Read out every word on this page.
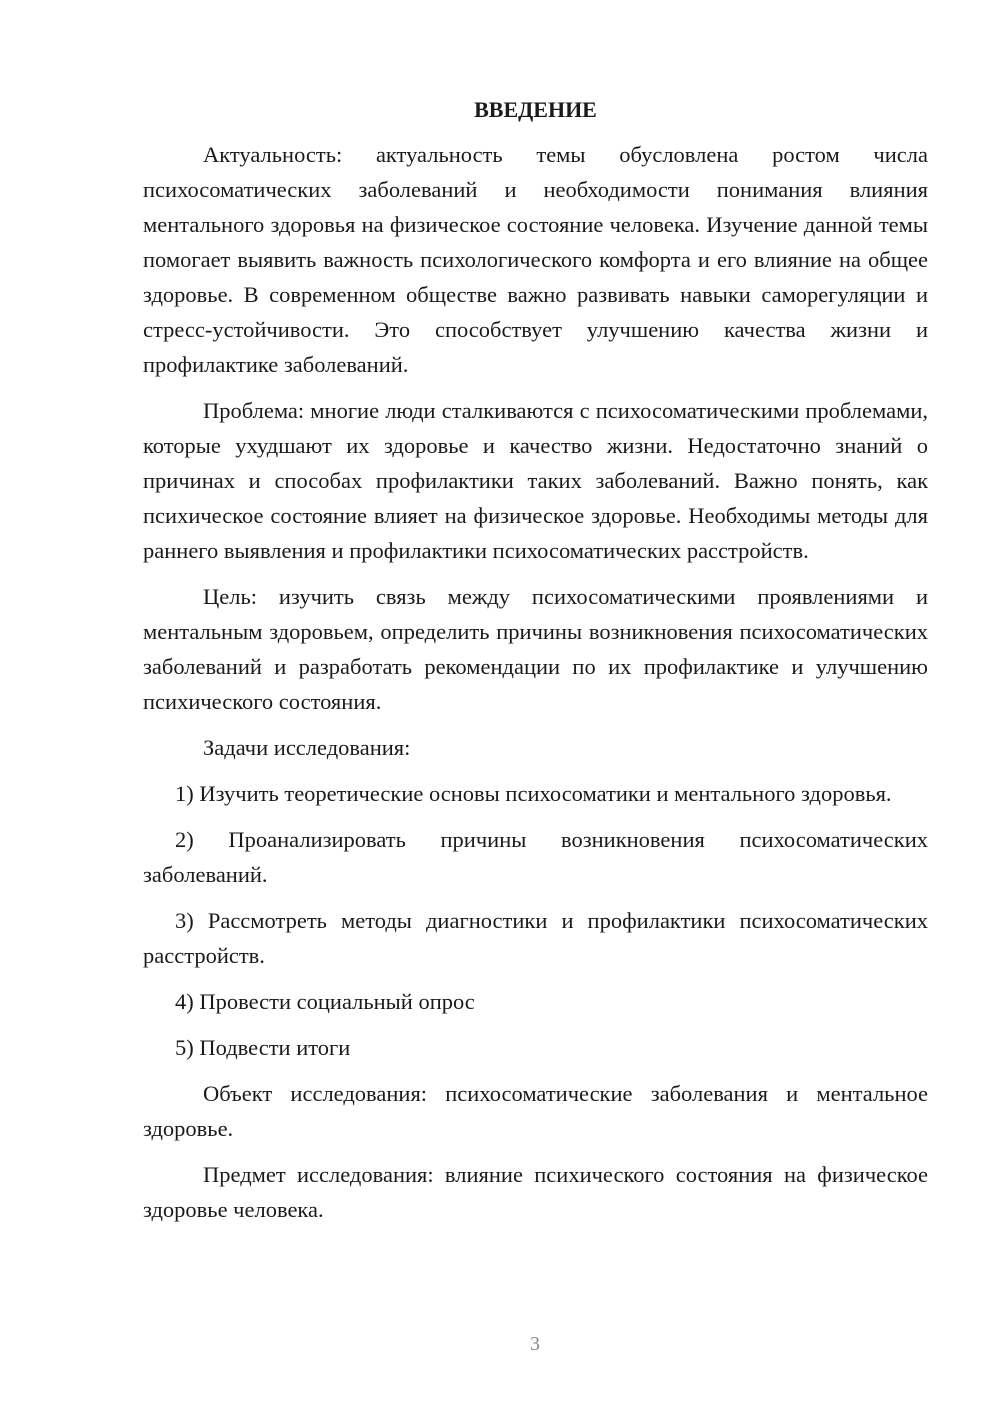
ВВЕДЕНИЕ

Актуальность: актуальность темы обусловлена ростом числа психосоматических заболеваний и необходимости понимания влияния ментального здоровья на физическое состояние человека. Изучение данной темы помогает выявить важность психологического комфорта и его влияние на общее здоровье. В современном обществе важно развивать навыки саморегуляции и стресс-устойчивости. Это способствует улучшению качества жизни и профилактике заболеваний.

Проблема: многие люди сталкиваются с психосоматическими проблемами, которые ухудшают их здоровье и качество жизни. Недостаточно знаний о причинах и способах профилактики таких заболеваний. Важно понять, как психическое состояние влияет на физическое здоровье. Необходимы методы для раннего выявления и профилактики психосоматических расстройств.

Цель: изучить связь между психосоматическими проявлениями и ментальным здоровьем, определить причины возникновения психосоматических заболеваний и разработать рекомендации по их профилактике и улучшению психического состояния.

Задачи исследования:

1) Изучить теоретические основы психосоматики и ментального здоровья.

2) Проанализировать причины возникновения психосоматических заболеваний.

3) Рассмотреть методы диагностики и профилактики психосоматических расстройств.

4) Провести социальный опрос

5) Подвести итоги

Объект исследования: психосоматические заболевания и ментальное здоровье.

Предмет исследования: влияние психического состояния на физическое здоровье человека.

3
